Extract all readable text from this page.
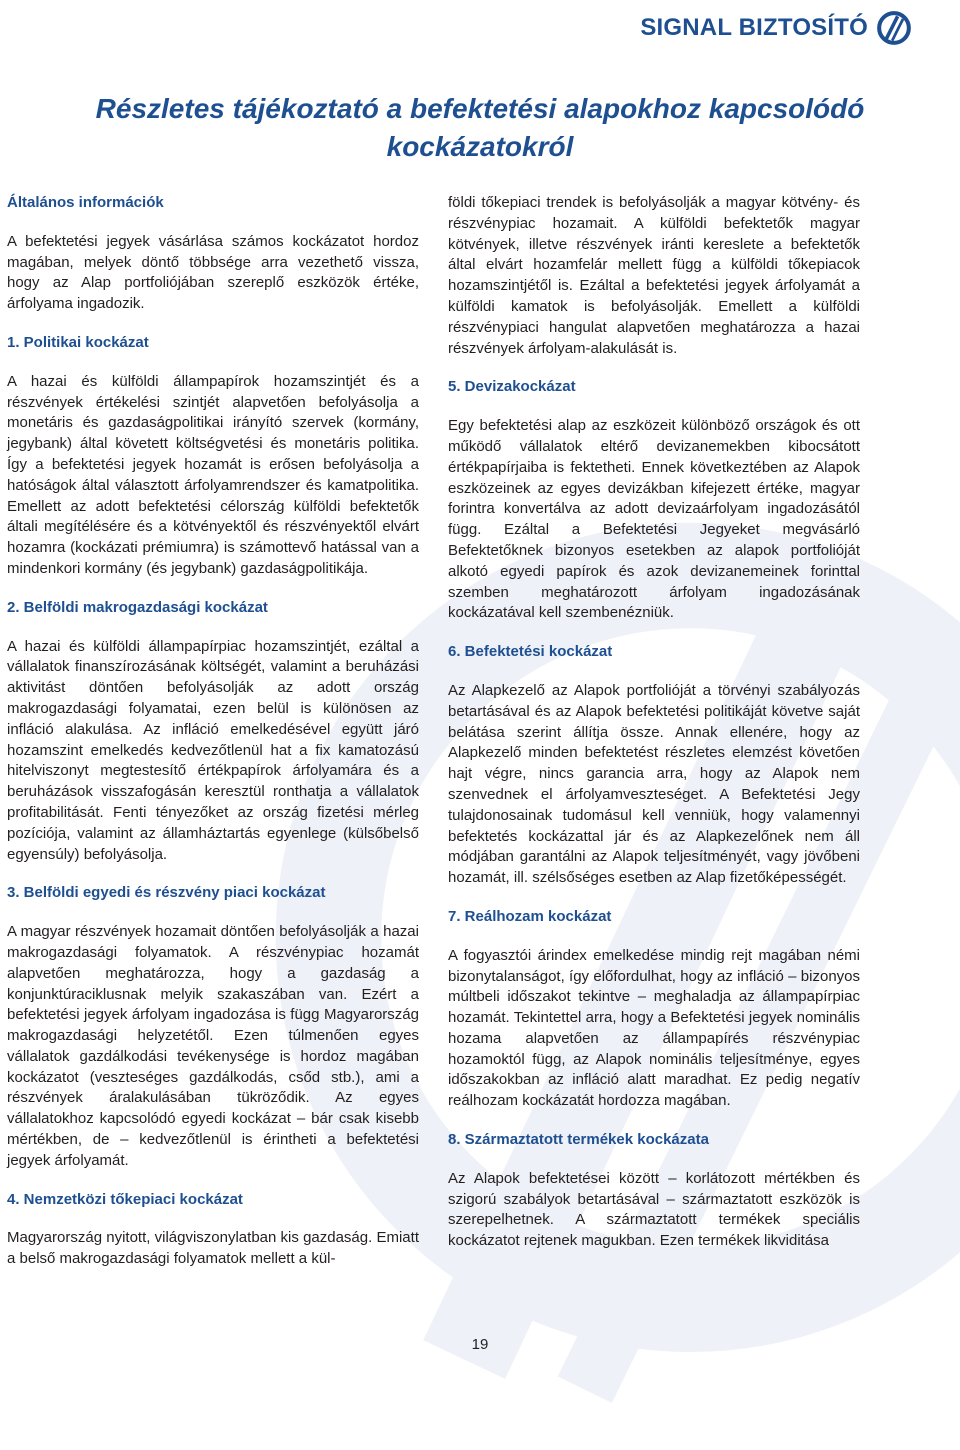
SIGNAL BIZTOSÍTÓ
Részletes tájékoztató a befektetési alapokhoz kapcsolódó kockázatokról
Általános információk

A befektetési jegyek vásárlása számos kockázatot hordoz magában, melyek döntő többsége arra vezethető vissza, hogy az Alap portfoliójában szereplő eszközök értéke, árfolyama ingadozik.

1. Politikai kockázat

A hazai és külföldi állampapírok hozamszintjét és a részvények értékelési szintjét alapvetően befolyásolja a monetáris és gazdaságpolitikai irányító szervek (kormány, jegybank) által követett költségvetési és monetáris politika. Így a befektetési jegyek hozamát is erősen befolyásolja a hatóságok által választott árfolyamrendszer és kamatpolitika. Emellett az adott befektetési célország külföldi befektetők általi megítélésére és a kötvényektől és részvényektől elvárt hozamra (kockázati prémiumra) is számottevő hatással van a mindenkori kormány (és jegybank) gazdaságpolitikája.

2. Belföldi makrogazdasági kockázat

A hazai és külföldi állampapírpiac hozamszintjét, ezáltal a vállalatok finanszírozásának költségét, valamint a beruházási aktivitást döntően befolyásolják az adott ország makrogazdasági folyamatai, ezen belül is különösen az infláció alakulása. Az infláció emelkedésével együtt járó hozamszint emelkedés kedvezőtlenül hat a fix kamatozású hitelviszonyt megtestesítő értékpapírok árfolyamára és a beruházások visszafogásán keresztül ronthatja a vállalatok profitabilitását. Fenti tényezőket az ország fizetési mérleg pozíciója, valamint az államháztartás egyenlege (külsőbelső egyensúly) befolyásolja.

3. Belföldi egyedi és részvény piaci kockázat

A magyar részvények hozamait döntően befolyásolják a hazai makrogazdasági folyamatok. A részvénypiac hozamát alapvetően meghatározza, hogy a gazdaság a konjunktúraciklusnak melyik szakaszában van. Ezért a befektetési jegyek árfolyam ingadozása is függ Magyarország makrogazdasági helyzetétől. Ezen túlmenően egyes vállalatok gazdálkodási tevékenysége is hordoz magában kockázatot (veszteséges gazdálkodás, csőd stb.), ami a részvények áralakulásában tükröződik. Az egyes vállalatokhoz kapcsolódó egyedi kockázat – bár csak kisebb mértékben, de – kedvezőtlenül is érintheti a befektetési jegyek árfolyamát.

4. Nemzetközi tőkepiaci kockázat

Magyarország nyitott, világviszonylatban kis gazdaság. Emiatt a belső makrogazdasági folyamatok mellett a kül-

földi tőkepiaci trendek is befolyásolják a magyar kötvény- és részvénypiac hozamait. A külföldi befektetők magyar kötvények, illetve részvények iránti kereslete a befektetők által elvárt hozamfelár mellett függ a külföldi tőkepiacok hozamszintjétől is. Ezáltal a befektetési jegyek árfolyamát a külföldi kamatok is befolyásolják. Emellett a külföldi részvénypiaci hangulat alapvetően meghatározza a hazai részvények árfolyam-alakulását is.

5. Devizakockázat

Egy befektetési alap az eszközeit különböző országok és ott működő vállalatok eltérő devizanemekben kibocsátott értékpapírjaiba is fektetheti. Ennek következtében az Alapok eszközeinek az egyes devizákban kifejezett értéke, magyar forintra konvertálva az adott devizaárfolyam ingadozásától függ. Ezáltal a Befektetési Jegyeket megvásárló Befektetőknek bizonyos esetekben az alapok portfolióját alkotó egyedi papírok és azok devizanemeinek forinttal szemben meghatározott árfolyam ingadozásának kockázatával kell szembenézniük.

6. Befektetési kockázat

Az Alapkezelő az Alapok portfolióját a törvényi szabályozás betartásával és az Alapok befektetési politikáját követve saját belátása szerint állítja össze. Annak ellenére, hogy az Alapkezelő minden befektetést részletes elemzést követően hajt végre, nincs garancia arra, hogy az Alapok nem szenvednek el árfolyamveszteséget. A Befektetési Jegy tulajdonosainak tudomásul kell venniük, hogy valamennyi befektetés kockázattal jár és az Alapkezelőnek nem áll módjában garantálni az Alapok teljesítményét, vagy jövőbeni hozamát, ill. szélsőséges esetben az Alap fizetőképességét.

7. Reálhozam kockázat

A fogyasztói árindex emelkedése mindig rejt magában némi bizonytalanságot, így előfordulhat, hogy az infláció – bizonyos múltbeli időszakot tekintve – meghaladja az állampapírpiac hozamát. Tekintettel arra, hogy a Befektetési jegyek nominális hozama alapvetően az állampapírés részvénypiac hozamoktól függ, az Alapok nominális teljesítménye, egyes időszakokban az infláció alatt maradhat. Ez pedig negatív reálhozam kockázatát hordozza magában.

8. Származtatott termékek kockázata

Az Alapok befektetései között – korlátozott mértékben és szigorú szabályok betartásával – származtatott eszközök is szerepelhetnek. A származtatott termékek speciális kockázatot rejtenek magukban. Ezen termékek likviditása

19
